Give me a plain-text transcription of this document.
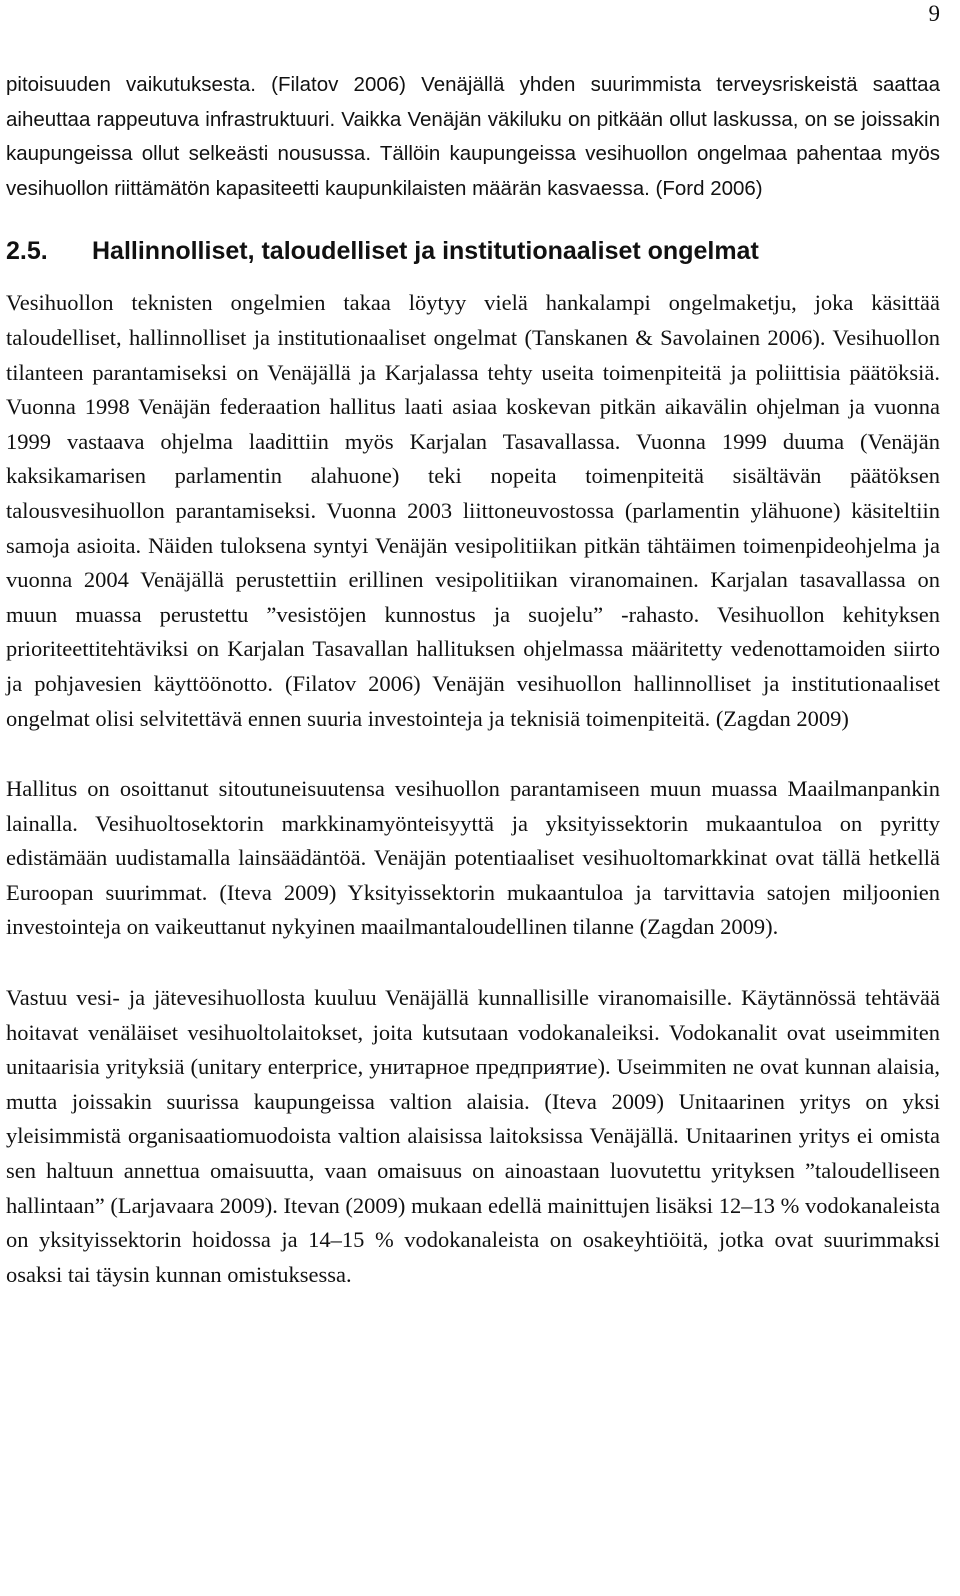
9

pitoisuuden vaikutuksesta. (Filatov 2006) Venäjällä yhden suurimmista terveysriskeistä saattaa aiheuttaa rappeutuva infrastruktuuri. Vaikka Venäjän väkiluku on pitkään ollut laskussa, on se joissakin kaupungeissa ollut selkeästi nousussa. Tällöin kaupungeissa vesihuollon ongelmaa pahentaa myös vesihuollon riittämätön kapasiteetti kaupunkilaisten määrän kasvaessa. (Ford 2006)

2.5. Hallinnolliset, taloudelliset ja institutionaaliset ongelmat

Vesihuollon teknisten ongelmien takaa löytyy vielä hankalampi ongelmaketju, joka käsittää taloudelliset, hallinnolliset ja institutionaaliset ongelmat (Tanskanen & Savolainen 2006). Vesihuollon tilanteen parantamiseksi on Venäjällä ja Karjalassa tehty useita toimenpiteitä ja poliittisia päätöksiä. Vuonna 1998 Venäjän federaation hallitus laati asiaa koskevan pitkän aikavälin ohjelman ja vuonna 1999 vastaava ohjelma laadittiin myös Karjalan Tasavallassa. Vuonna 1999 duuma (Venäjän kaksikamarisen parlamentin alahuone) teki nopeita toimenpiteitä sisältävän päätöksen talousvesihuollon parantamiseksi. Vuonna 2003 liittoneuvostossa (parlamentin ylähuone) käsiteltiin samoja asioita. Näiden tuloksena syntyi Venäjän vesipolitiikan pitkän tähtäimen toimenpideohjelma ja vuonna 2004 Venäjällä perustettiin erillinen vesipolitiikan viranomainen. Karjalan tasavallassa on muun muassa perustettu ”vesistöjen kunnostus ja suojelu” -rahasto. Vesihuollon kehityksen prioriteettitehtäviksi on Karjalan Tasavallan hallituksen ohjelmassa määritetty vedenottamoiden siirto ja pohjavesien käyttöönotto. (Filatov 2006) Venäjän vesihuollon hallinnolliset ja institutionaaliset ongelmat olisi selvitettävä ennen suuria investointeja ja teknisiä toimenpiteitä. (Zagdan 2009)

Hallitus on osoittanut sitoutuneisuutensa vesihuollon parantamiseen muun muassa Maailmanpankin lainalla. Vesihuoltosektorin markkinamyönteisyyttä ja yksityissektorin mukaantuloa on pyritty edistämään uudistamalla lainsäädäntöä. Venäjän potentiaaliset vesihuoltomarkkinat ovat tällä hetkellä Euroopan suurimmat. (Iteva 2009) Yksityissektorin mukaantuloa ja tarvittavia satojen miljoonien investointeja on vaikeuttanut nykyinen maailmantaloudellinen tilanne (Zagdan 2009).

Vastuu vesi- ja jätevesihuollosta kuuluu Venäjällä kunnallisille viranomaisille. Käytännössä tehtävää hoitavat venäläiset vesihuoltolaitokset, joita kutsutaan vodokanaleiksi. Vodokanalit ovat useimmiten unitaarisia yrityksiä (unitary enterprice, унитарное предприятие). Useimmiten ne ovat kunnan alaisia, mutta joissakin suurissa kaupungeissa valtion alaisia. (Iteva 2009) Unitaarinen yritys on yksi yleisimmistä organisaatiomuodoista valtion alaisissa laitoksissa Venäjällä. Unitaarinen yritys ei omista sen haltuun annettua omaisuutta, vaan omaisuus on ainoastaan luovutettu yrityksen ”taloudelliseen hallintaan” (Larjavaara 2009). Itevan (2009) mukaan edellä mainittujen lisäksi 12–13 % vodokanaleista on yksityissektorin hoidossa ja 14–15 % vodokanaleista on osakeyhtiöitä, jotka ovat suurimmaksi osaksi tai täysin kunnan omistuksessa.
